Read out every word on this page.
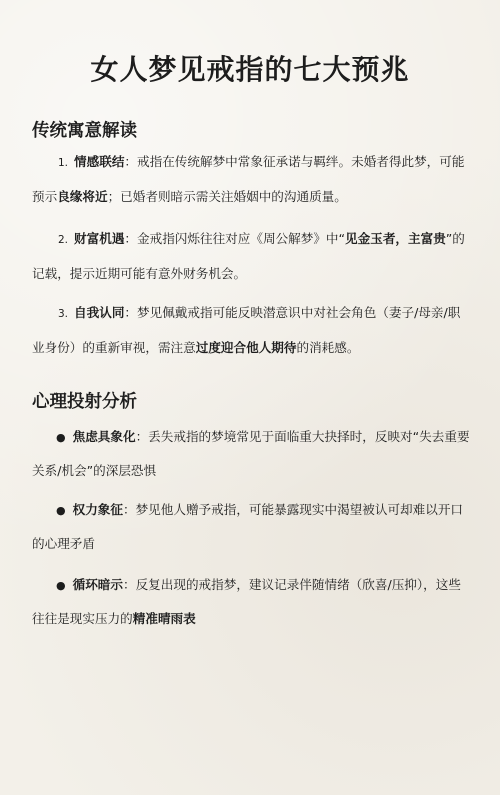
女人梦见戒指的七大预兆
传统寓意解读

1. 情感联结：戒指在传统解梦中常象征承诺与羁绊。未婚者得此梦，可能预示良缘将近；已婚者则暗示需关注婚姻中的沟通质量。

2. 财富机遇：金戒指闪烁往往对应《周公解梦》中“见金玉者，主富贵”的记载，提示近期可能有意外财务机会。

3. 自我认同：梦见佩戴戒指可能反映潜意识中对社会角色（妻子/母亲/职业身份）的重新审视，需注意过度迎合他人期待的消耗感。

心理投射分析

● 焦虑具象化：丢失戒指的梦境常见于面临重大抉择时，反映对“失去重要关系/机会”的深层恐惧

● 权力象征：梦见他人赠予戒指，可能暴露现实中渴望被认可却难以开口的心理矛盾

● 循环暗示：反复出现的戒指梦，建议记录伴随情绪（欣喜/压抑），这些往往是现实压力的精准晴雨表
